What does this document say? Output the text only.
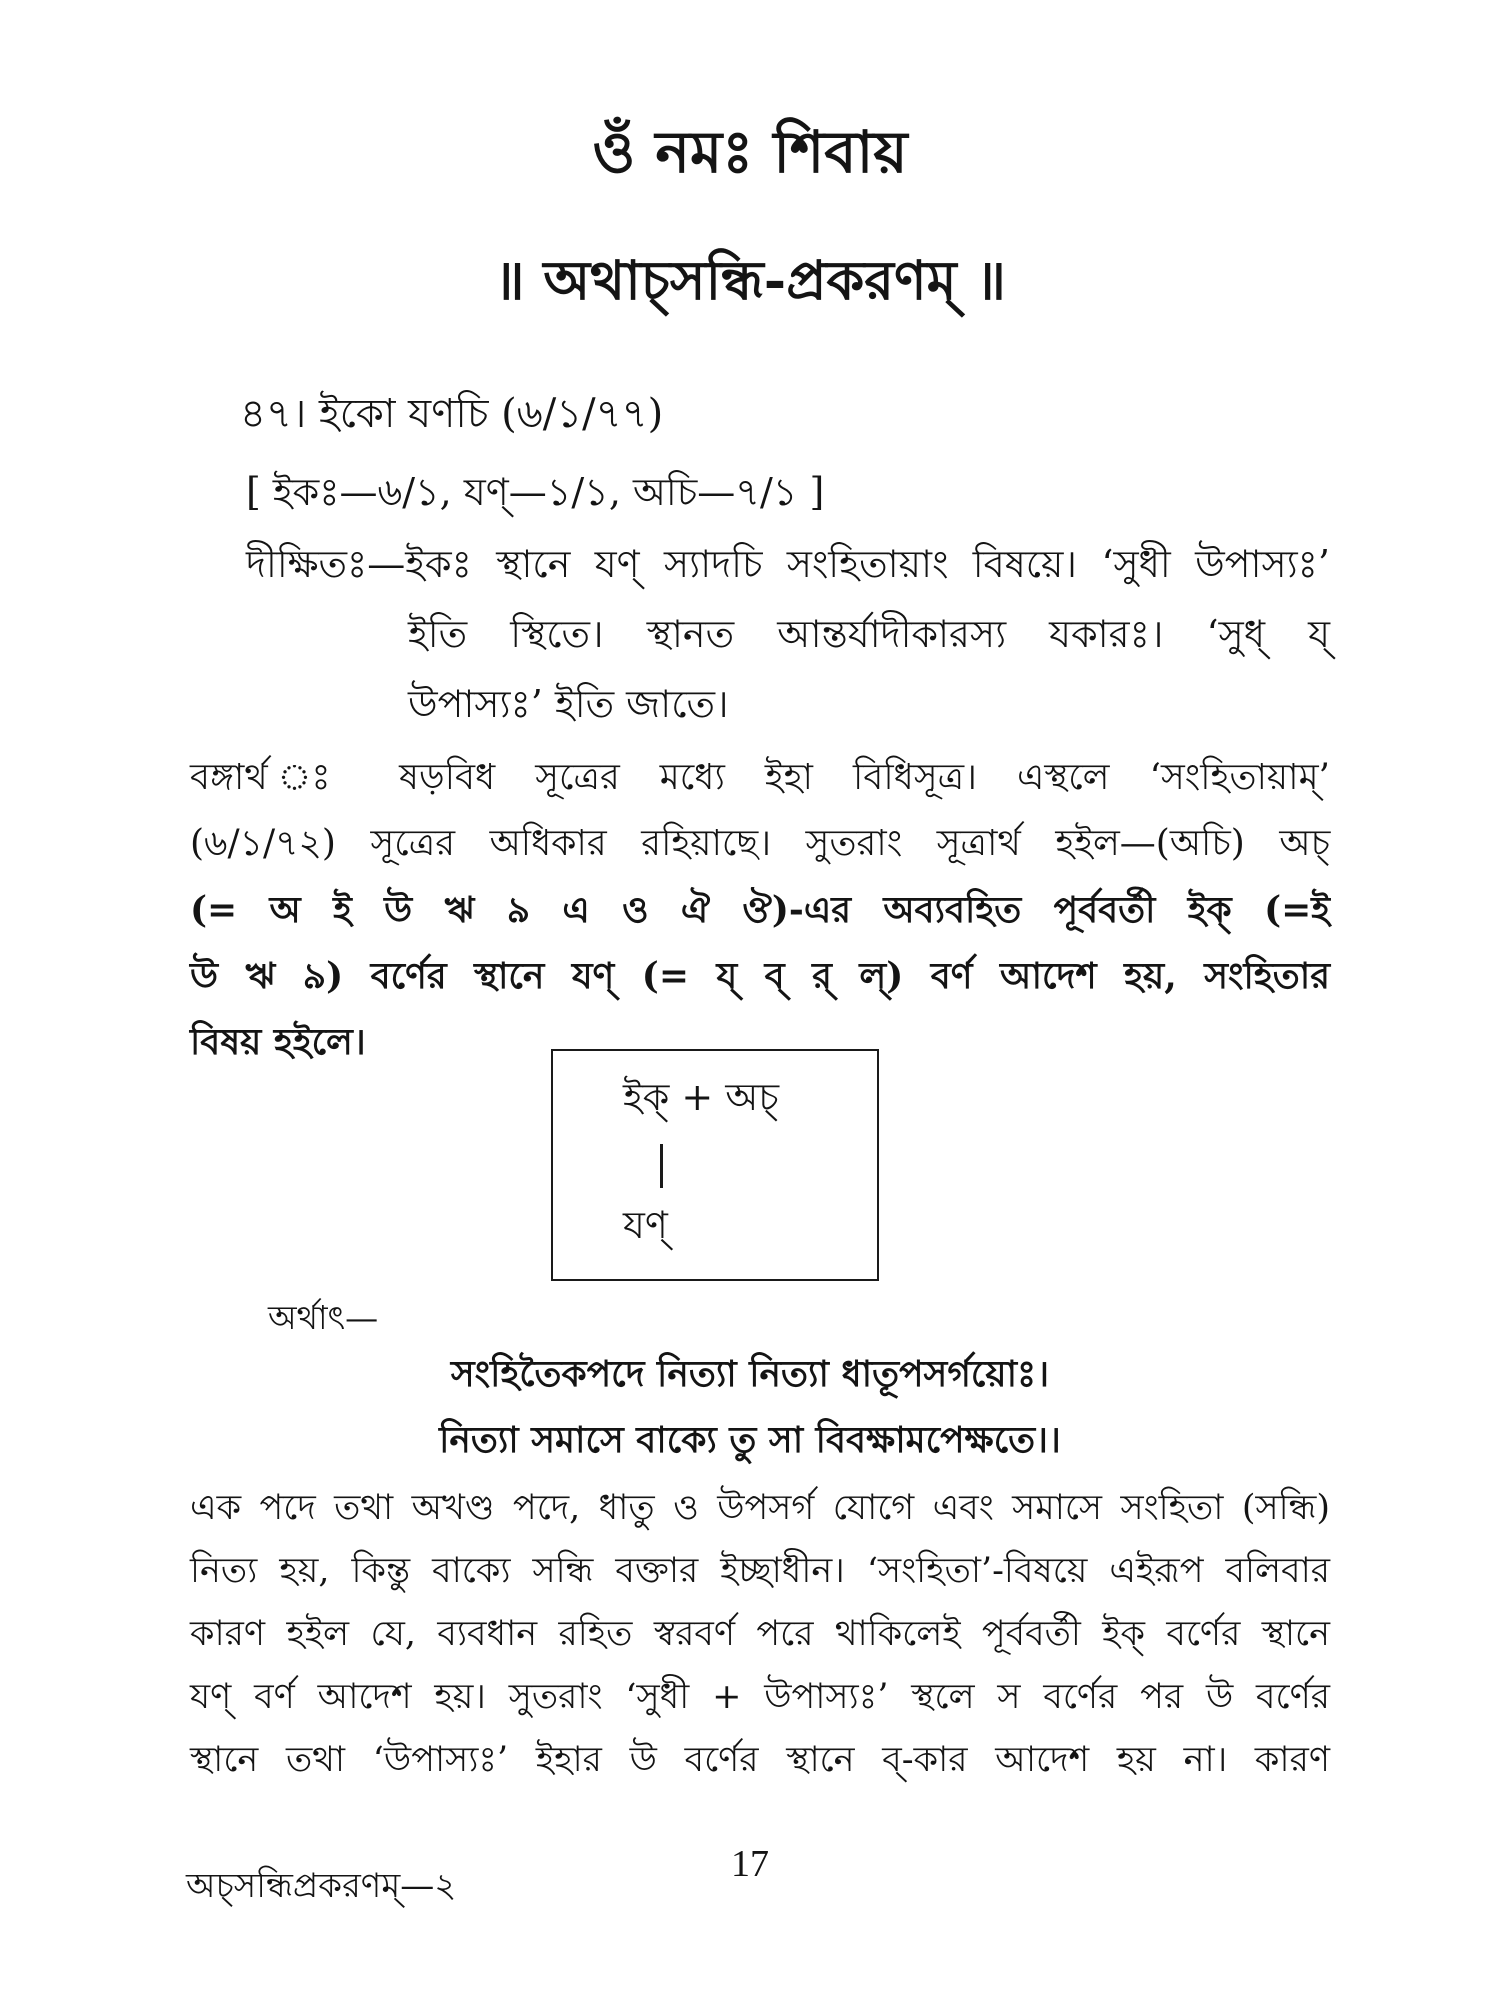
ওঁ নমঃ শিবায়
॥ অথাচ্‌সন্ধি-প্রকরণম্‌ ॥

৪৭। ইকো যণচি (৬/১/৭৭)

[ ইকঃ—৬/১, যণ্‌—১/১, অচি—৭/১ ]

দীক্ষিতঃ—ইকঃ স্থানে যণ্‌ স্যাদচি সংহিতায়াং বিষয়ে। ‘সুধী উপাস্যঃ’

ইতি স্থিতে। স্থানত আন্তর্যাদীকারস্য যকারঃ। ‘সুধ্‌ য্‌

উপাস্যঃ’ ইতি জাতে।

বঙ্গার্থ ঃ ষড়বিধ সূত্রের মধ্যে ইহা বিধিসূত্র। এস্থলে ‘সংহিতায়াম্‌’

(৬/১/৭২) সূত্রের অধিকার রহিয়াছে। সুতরাং সূত্রার্থ হইল—(অচি) অচ্‌

(= অ ই উ ঋ ৯ এ ও ঐ ঔ)-এর অব্যবহিত পূর্ববর্তী ইক্‌ (=ই

উ ঋ ৯) বর্ণের স্থানে যণ্‌ (= য্‌ ব্‌ র্‌ ল্‌) বর্ণ আদেশ হয়, সংহিতার

বিষয় হইলে।

ইক্‌ + অচ্‌

যণ্‌

অর্থাৎ—

সংহিতৈকপদে নিত্যা নিত্যা ধাতূপসর্গয়োঃ।

নিত্যা সমাসে বাক্যে তু সা বিবক্ষামপেক্ষতে।।

এক পদে তথা অখণ্ড পদে, ধাতু ও উপসর্গ যোগে এবং সমাসে সংহিতা (সন্ধি)

নিত্য হয়, কিন্তু বাক্যে সন্ধি বক্তার ইচ্ছাধীন। ‘সংহিতা’-বিষয়ে এইরূপ বলিবার

কারণ হইল যে, ব্যবধান রহিত স্বরবর্ণ পরে থাকিলেই পূর্ববর্তী ইক্‌ বর্ণের স্থানে

যণ্‌ বর্ণ আদেশ হয়। সুতরাং ‘সুধী + উপাস্যঃ’ স্থলে স বর্ণের পর উ বর্ণের

স্থানে তথা ‘উপাস্যঃ’ ইহার উ বর্ণের স্থানে ব্‌-কার আদেশ হয় না। কারণ

17

অচ্‌সন্ধিপ্রকরণম্‌—২
